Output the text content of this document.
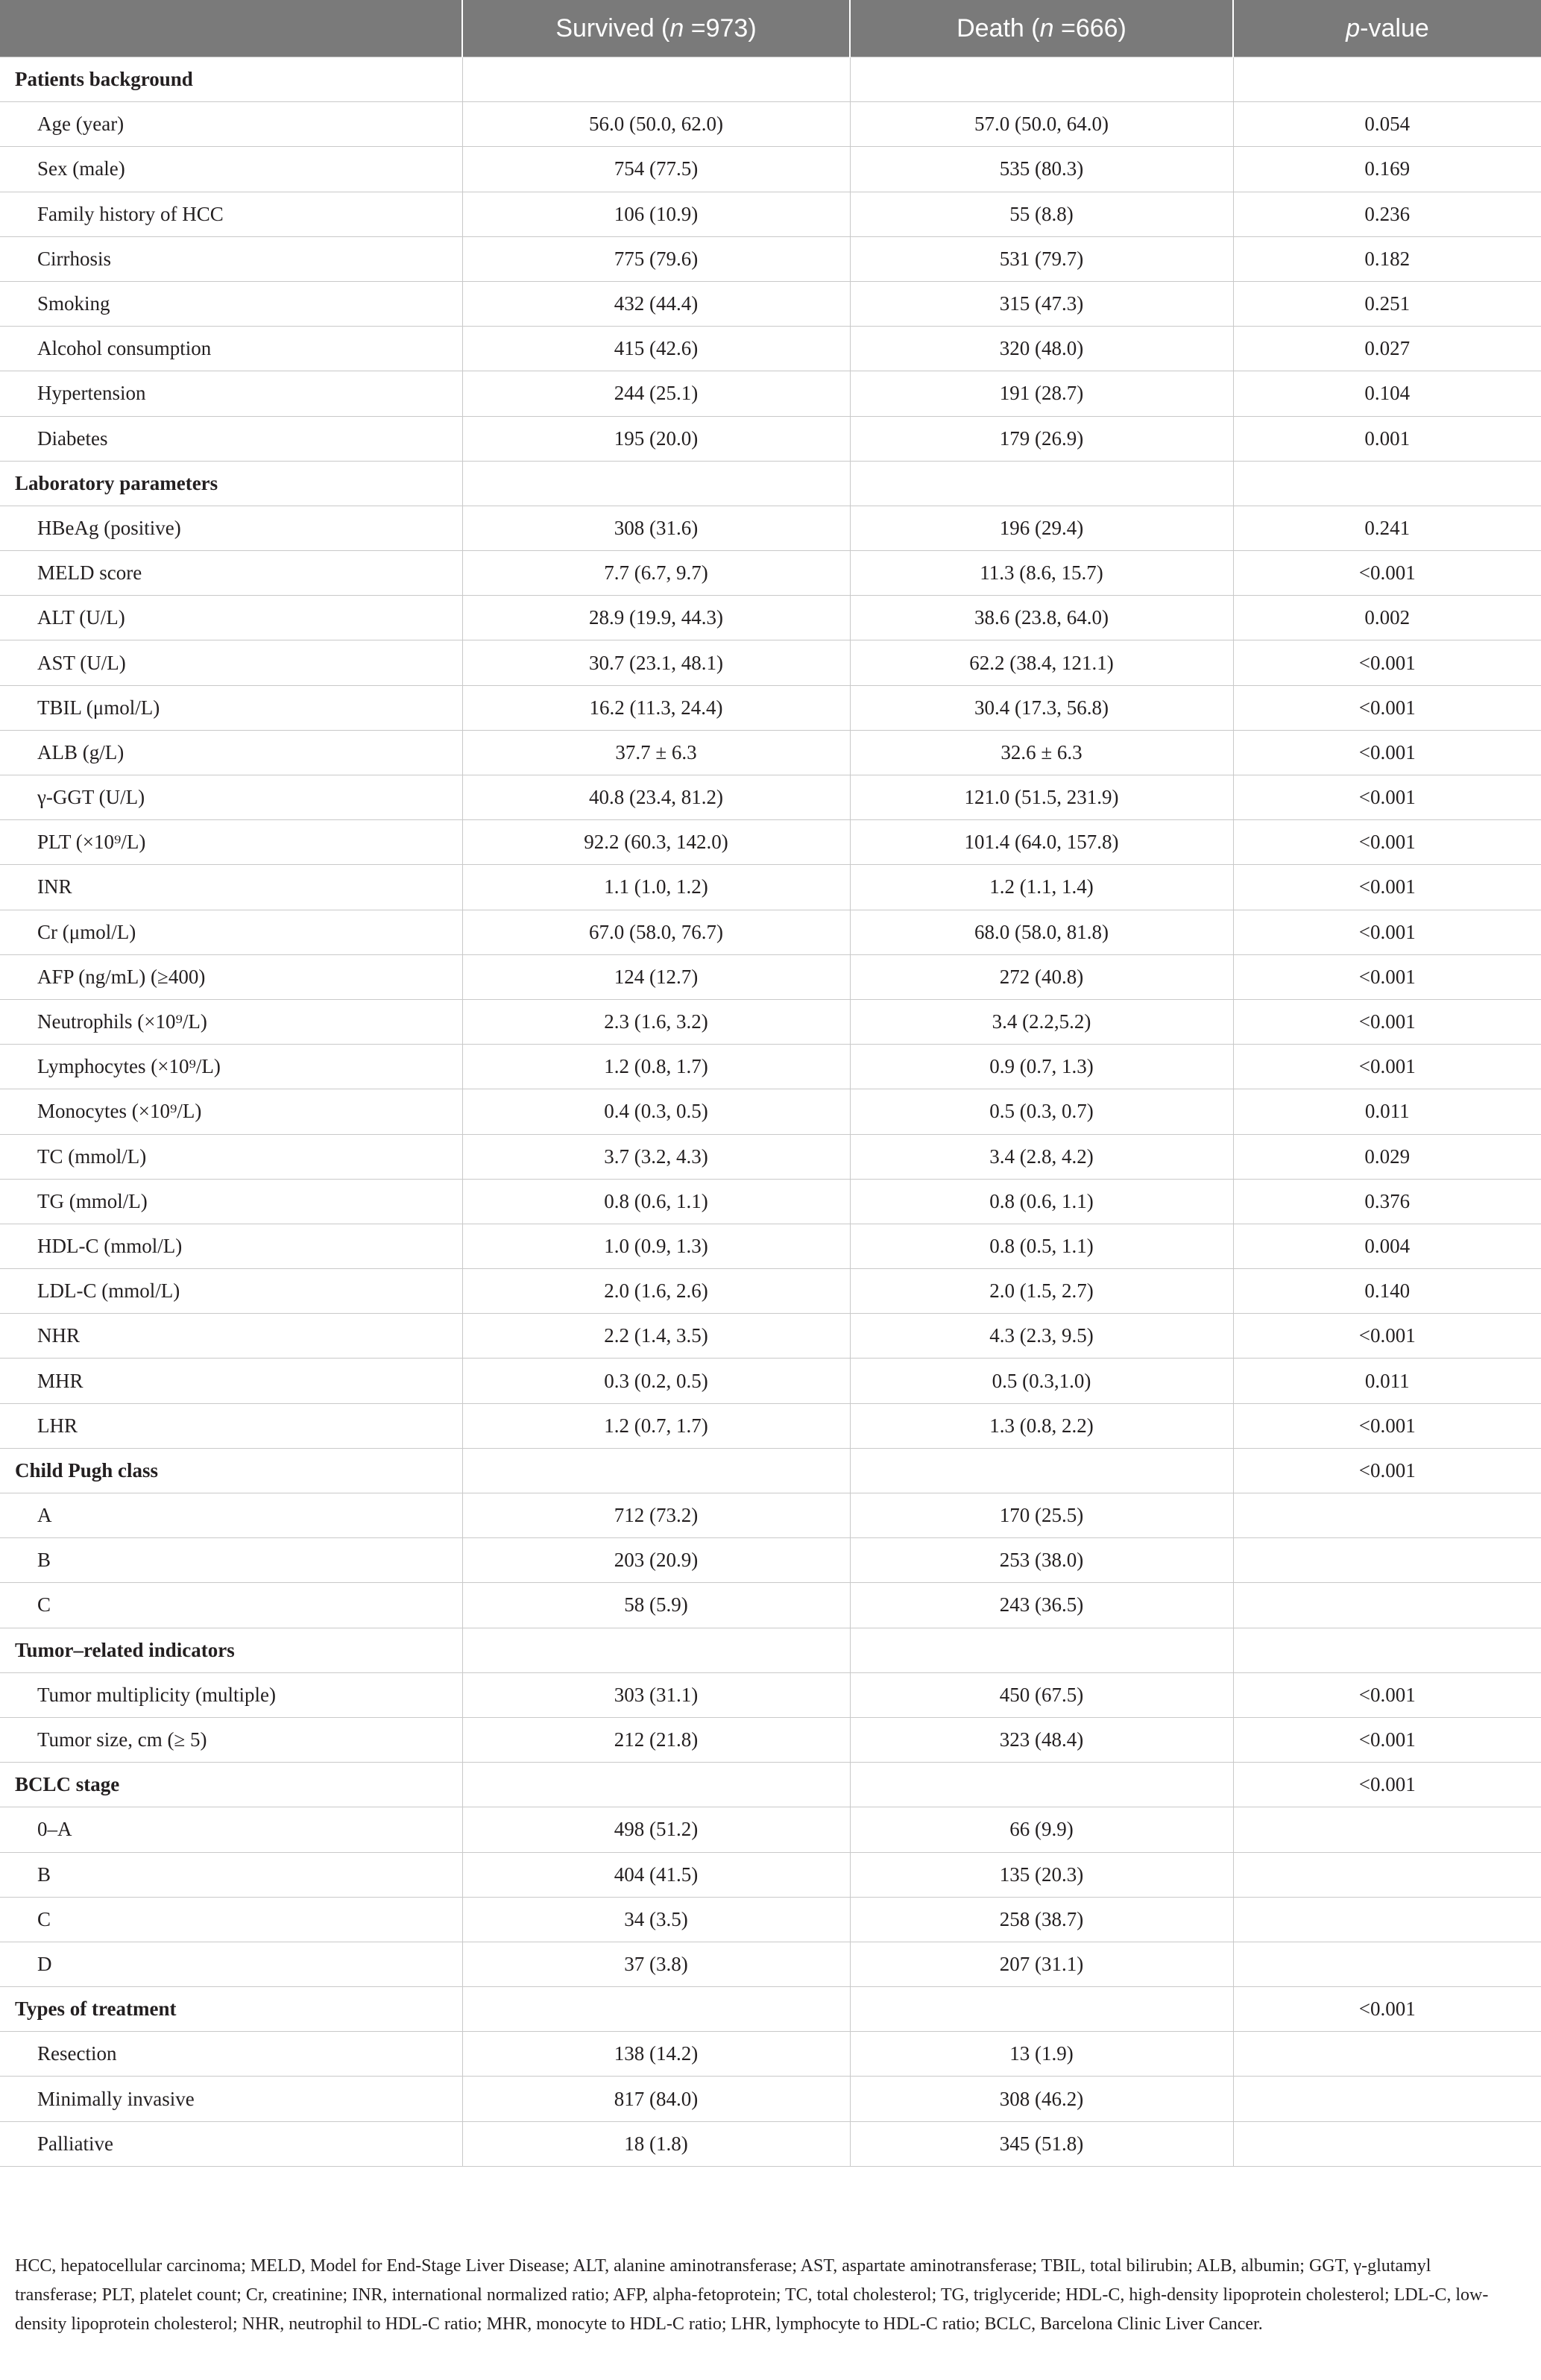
	Survived (n =973)	Death (n =666)	p-value
Patients background			
Age (year)	56.0 (50.0, 62.0)	57.0 (50.0, 64.0)	0.054
Sex (male)	754 (77.5)	535 (80.3)	0.169
Family history of HCC	106 (10.9)	55 (8.8)	0.236
Cirrhosis	775 (79.6)	531 (79.7)	0.182
Smoking	432 (44.4)	315 (47.3)	0.251
Alcohol consumption	415 (42.6)	320 (48.0)	0.027
Hypertension	244 (25.1)	191 (28.7)	0.104
Diabetes	195 (20.0)	179 (26.9)	0.001
Laboratory parameters			
HBeAg (positive)	308 (31.6)	196 (29.4)	0.241
MELD score	7.7 (6.7, 9.7)	11.3 (8.6, 15.7)	<0.001
ALT (U/L)	28.9 (19.9, 44.3)	38.6 (23.8, 64.0)	0.002
AST (U/L)	30.7 (23.1, 48.1)	62.2 (38.4, 121.1)	<0.001
TBIL (μmol/L)	16.2 (11.3, 24.4)	30.4 (17.3, 56.8)	<0.001
ALB (g/L)	37.7 ± 6.3	32.6 ± 6.3	<0.001
γ-GGT (U/L)	40.8 (23.4, 81.2)	121.0 (51.5, 231.9)	<0.001
PLT (×10⁹/L)	92.2 (60.3, 142.0)	101.4 (64.0, 157.8)	<0.001
INR	1.1 (1.0, 1.2)	1.2 (1.1, 1.4)	<0.001
Cr (μmol/L)	67.0 (58.0, 76.7)	68.0 (58.0, 81.8)	<0.001
AFP (ng/mL) (≥400)	124 (12.7)	272 (40.8)	<0.001
Neutrophils (×10⁹/L)	2.3 (1.6, 3.2)	3.4 (2.2,5.2)	<0.001
Lymphocytes (×10⁹/L)	1.2 (0.8, 1.7)	0.9 (0.7, 1.3)	<0.001
Monocytes (×10⁹/L)	0.4 (0.3, 0.5)	0.5 (0.3, 0.7)	0.011
TC (mmol/L)	3.7 (3.2, 4.3)	3.4 (2.8, 4.2)	0.029
TG (mmol/L)	0.8 (0.6, 1.1)	0.8 (0.6, 1.1)	0.376
HDL-C (mmol/L)	1.0 (0.9, 1.3)	0.8 (0.5, 1.1)	0.004
LDL-C (mmol/L)	2.0 (1.6, 2.6)	2.0 (1.5, 2.7)	0.140
NHR	2.2 (1.4, 3.5)	4.3 (2.3, 9.5)	<0.001
MHR	0.3 (0.2, 0.5)	0.5 (0.3,1.0)	0.011
LHR	1.2 (0.7, 1.7)	1.3 (0.8, 2.2)	<0.001
Child Pugh class			<0.001
A	712 (73.2)	170 (25.5)	
B	203 (20.9)	253 (38.0)	
C	58 (5.9)	243 (36.5)	
Tumor–related indicators			
Tumor multiplicity (multiple)	303 (31.1)	450 (67.5)	<0.001
Tumor size, cm (≥ 5)	212 (21.8)	323 (48.4)	<0.001
BCLC stage			<0.001
0–A	498 (51.2)	66 (9.9)	
B	404 (41.5)	135 (20.3)	
C	34 (3.5)	258 (38.7)	
D	37 (3.8)	207 (31.1)	
Types of treatment			<0.001
Resection	138 (14.2)	13 (1.9)	
Minimally invasive	817 (84.0)	308 (46.2)	
Palliative	18 (1.8)	345 (51.8)	
HCC, hepatocellular carcinoma; MELD, Model for End-Stage Liver Disease; ALT, alanine aminotransferase; AST, aspartate aminotransferase; TBIL, total bilirubin; ALB, albumin; GGT, γ-glutamyl transferase; PLT, platelet count; Cr, creatinine; INR, international normalized ratio; AFP, alpha-fetoprotein; TC, total cholesterol; TG, triglyceride; HDL-C, high-density lipoprotein cholesterol; LDL-C, low-density lipoprotein cholesterol; NHR, neutrophil to HDL-C ratio; MHR, monocyte to HDL-C ratio; LHR, lymphocyte to HDL-C ratio; BCLC, Barcelona Clinic Liver Cancer.
